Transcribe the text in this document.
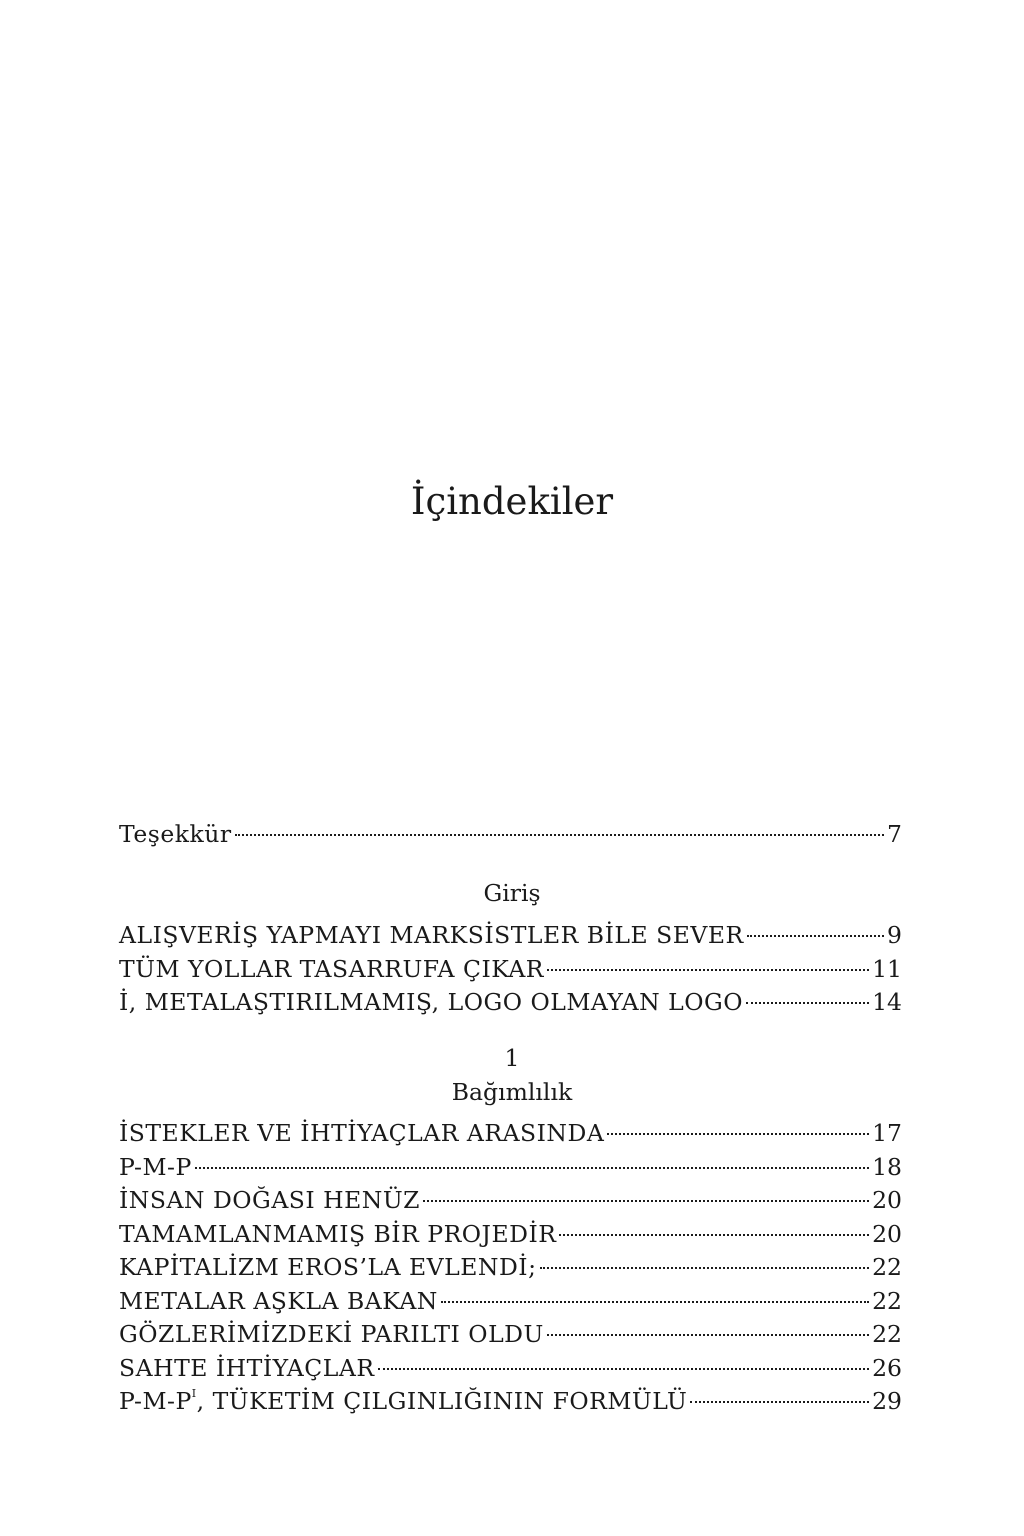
İçindekiler
Teşekkür	7
Giriş
ALIŞVERİŞ YAPMAYI MARKSİSTLER BİLE SEVER	9
TÜM YOLLAR TASARRUFA ÇIKAR	11
İ, METALAŞTIRILMAMIŞ, LOGO OLMAYAN LOGO	14
1
Bağımlılık
İSTEKLER VE İHTİYAÇLAR ARASINDA	17
P-M-P	18
İNSAN DOĞASI HENÜZ	20
TAMAMLANMAMIŞ BİR PROJEDİR	20
KAPİTALİZM EROS’LA EVLENDİ;	22
METALAR AŞKLA BAKAN	22
GÖZLERİMİZDEKİ PARILTI OLDU	22
SAHTE İHTİYAÇLAR	26
$P-M-P^I$, TÜKETİM ÇILGINLIĞININ FORMÜLÜ	29
